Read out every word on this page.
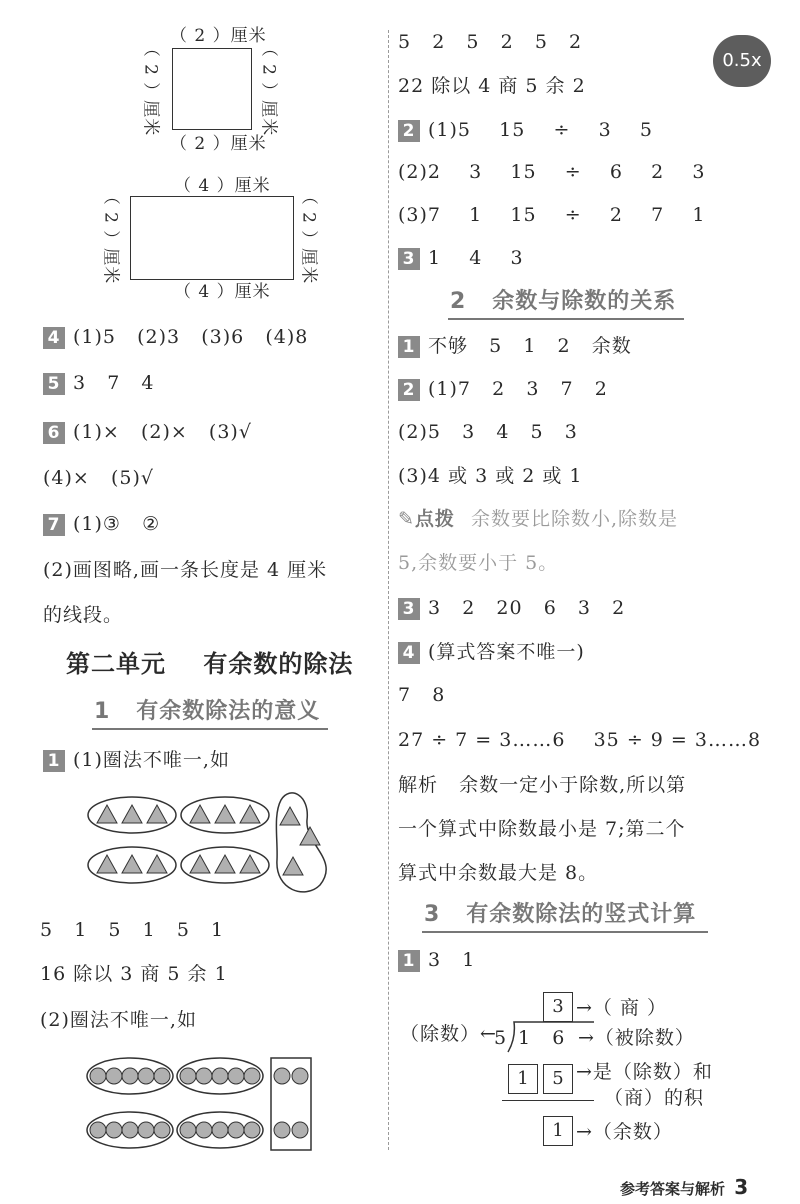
0.5x
（ 2 ）厘米
（ 2 ）厘米
（ 2 ）厘米	（ 2 ）厘米
（ 4 ）厘米
（ 4 ）厘米
（ 2 ）厘米	（ 2 ）厘米
4 (1)5   (2)3   (3)6   (4)8
5 3   7   4
6 (1)×   (2)×   (3)√
(4)×   (5)√
7 (1)③   ②
(2)画图略,画一条长度是 4 厘米
的线段。
第二单元    有余数的除法
1   有余数除法的意义
1 (1)圈法不唯一,如
5   1   5   1   5   1
16 除以 3 商 5 余 1
(2)圈法不唯一,如
5   2   5   2   5   2
22 除以 4 商 5 余 2
2 (1)5    15    ÷    3    5
(2)2    3    15    ÷    6    2    3
(3)7    1    15    ÷    2    7    1
3 1    4    3
2   余数与除数的关系
1 不够   5   1   2   余数
2 (1)7   2   3   7   2
(2)5   3   4   5   3
(3)4 或 3 或 2 或 1
✎点拨 余数要比除数小,除数是
5,余数要小于 5。
3 3   2   20   6   3   2
4 (算式答案不唯一)
7   8
27 ÷ 7 = 3……6    35 ÷ 9 = 3……8
解析   余数一定小于除数,所以第
一个算式中除数最小是 7;第二个
算式中余数最大是 8。
3   有余数除法的竖式计算
1 3   1
3 →（ 商 ）
（除数）←
5 1   6 →（被除数）
1	5 →是（除数）和
（商）的积
1 →（余数）
参考答案与解析 3
